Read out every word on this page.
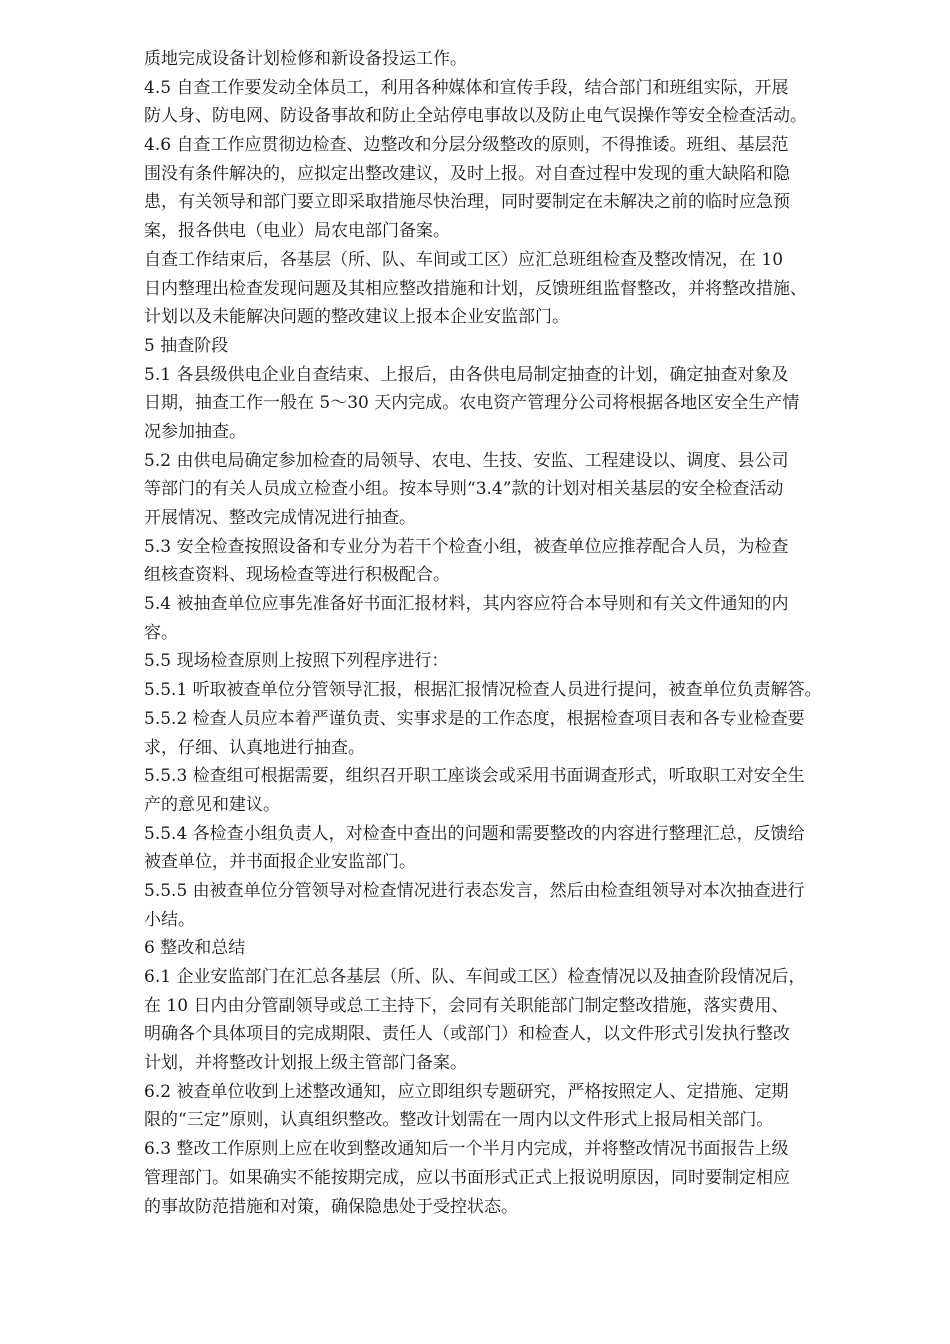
质地完成设备计划检修和新设备投运工作。
4.5 自查工作要发动全体员工，利用各种媒体和宣传手段，结合部门和班组实际，开展
防人身、防电网、防设备事故和防止全站停电事故以及防止电气误操作等安全检查活动。
4.6 自查工作应贯彻边检查、边整改和分层分级整改的原则，不得推诿。班组、基层范
围没有条件解决的，应拟定出整改建议，及时上报。对自查过程中发现的重大缺陷和隐
患，有关领导和部门要立即采取措施尽快治理，同时要制定在未解决之前的临时应急预
案，报各供电（电业）局农电部门备案。
自查工作结束后，各基层（所、队、车间或工区）应汇总班组检查及整改情况，在 10
日内整理出检查发现问题及其相应整改措施和计划，反馈班组监督整改，并将整改措施、
计划以及未能解决问题的整改建议上报本企业安监部门。
5 抽查阶段
5.1 各县级供电企业自查结束、上报后，由各供电局制定抽查的计划，确定抽查对象及
日期，抽查工作一般在 5～30 天内完成。农电资产管理分公司将根据各地区安全生产情
况参加抽查。
5.2 由供电局确定参加检查的局领导、农电、生技、安监、工程建设以、调度、县公司
等部门的有关人员成立检查小组。按本导则“3.4”款的计划对相关基层的安全检查活动
开展情况、整改完成情况进行抽查。
5.3 安全检查按照设备和专业分为若干个检查小组，被查单位应推荐配合人员，为检查
组核查资料、现场检查等进行积极配合。
5.4 被抽查单位应事先准备好书面汇报材料，其内容应符合本导则和有关文件通知的内
容。
5.5 现场检查原则上按照下列程序进行：
5.5.1 听取被查单位分管领导汇报，根据汇报情况检查人员进行提问，被查单位负责解答。
5.5.2 检查人员应本着严谨负责、实事求是的工作态度，根据检查项目表和各专业检查要
求，仔细、认真地进行抽查。
5.5.3 检查组可根据需要，组织召开职工座谈会或采用书面调查形式，听取职工对安全生
产的意见和建议。
5.5.4 各检查小组负责人，对检查中查出的问题和需要整改的内容进行整理汇总，反馈给
被查单位，并书面报企业安监部门。
5.5.5 由被查单位分管领导对检查情况进行表态发言，然后由检查组领导对本次抽查进行
小结。
6 整改和总结
6.1 企业安监部门在汇总各基层（所、队、车间或工区）检查情况以及抽查阶段情况后，
在 10 日内由分管副领导或总工主持下，会同有关职能部门制定整改措施，落实费用、
明确各个具体项目的完成期限、责任人（或部门）和检查人，以文件形式引发执行整改
计划，并将整改计划报上级主管部门备案。
6.2 被查单位收到上述整改通知，应立即组织专题研究，严格按照定人、定措施、定期
限的“三定”原则，认真组织整改。整改计划需在一周内以文件形式上报局相关部门。
6.3 整改工作原则上应在收到整改通知后一个半月内完成，并将整改情况书面报告上级
管理部门。如果确实不能按期完成，应以书面形式正式上报说明原因，同时要制定相应
的事故防范措施和对策，确保隐患处于受控状态。
